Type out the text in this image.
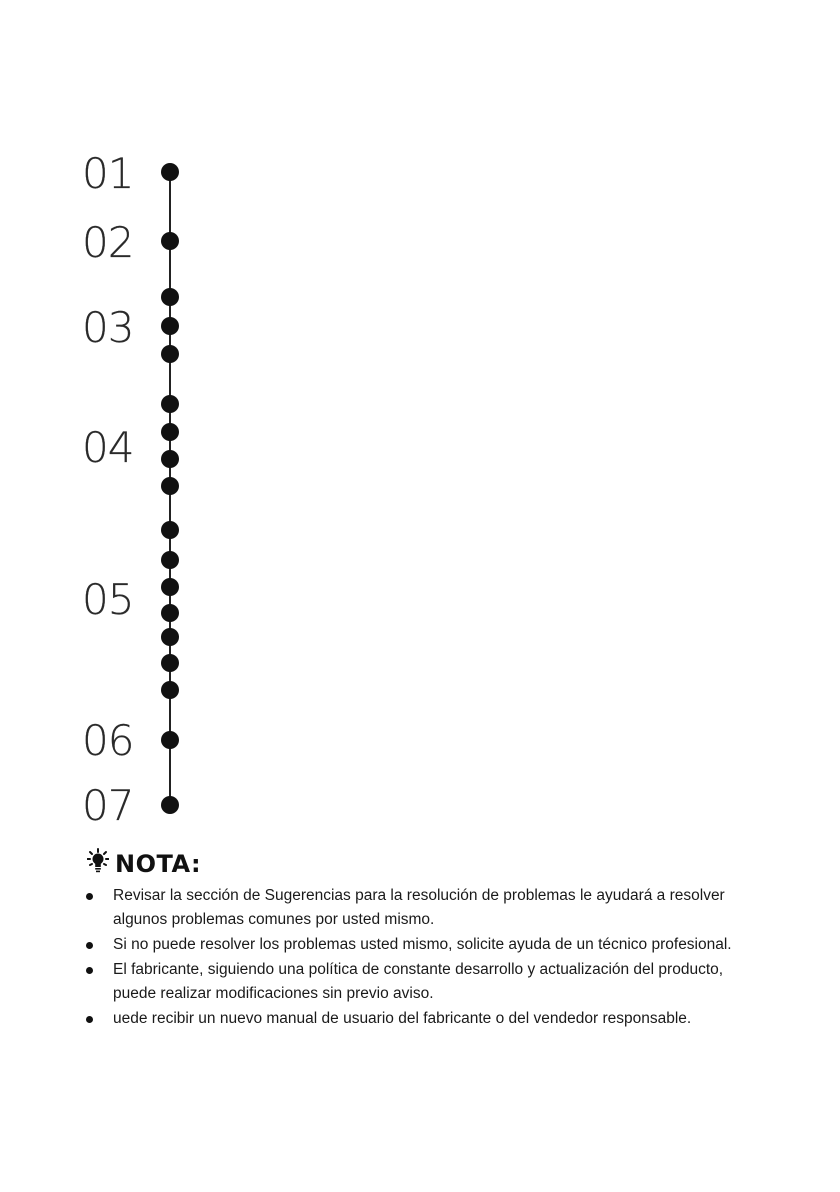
01
02
03
04
05
06
07
NOTA:
Revisar la sección de Sugerencias para la resolución de problemas le ayudará a resolver algunos problemas comunes por usted mismo.
Si no puede resolver los problemas usted mismo, solicite ayuda de un técnico profesional.
El fabricante, siguiendo una política de constante desarrollo y actualización del producto, puede realizar modificaciones sin previo aviso.
uede recibir un nuevo manual de usuario del fabricante o del vendedor responsable.
